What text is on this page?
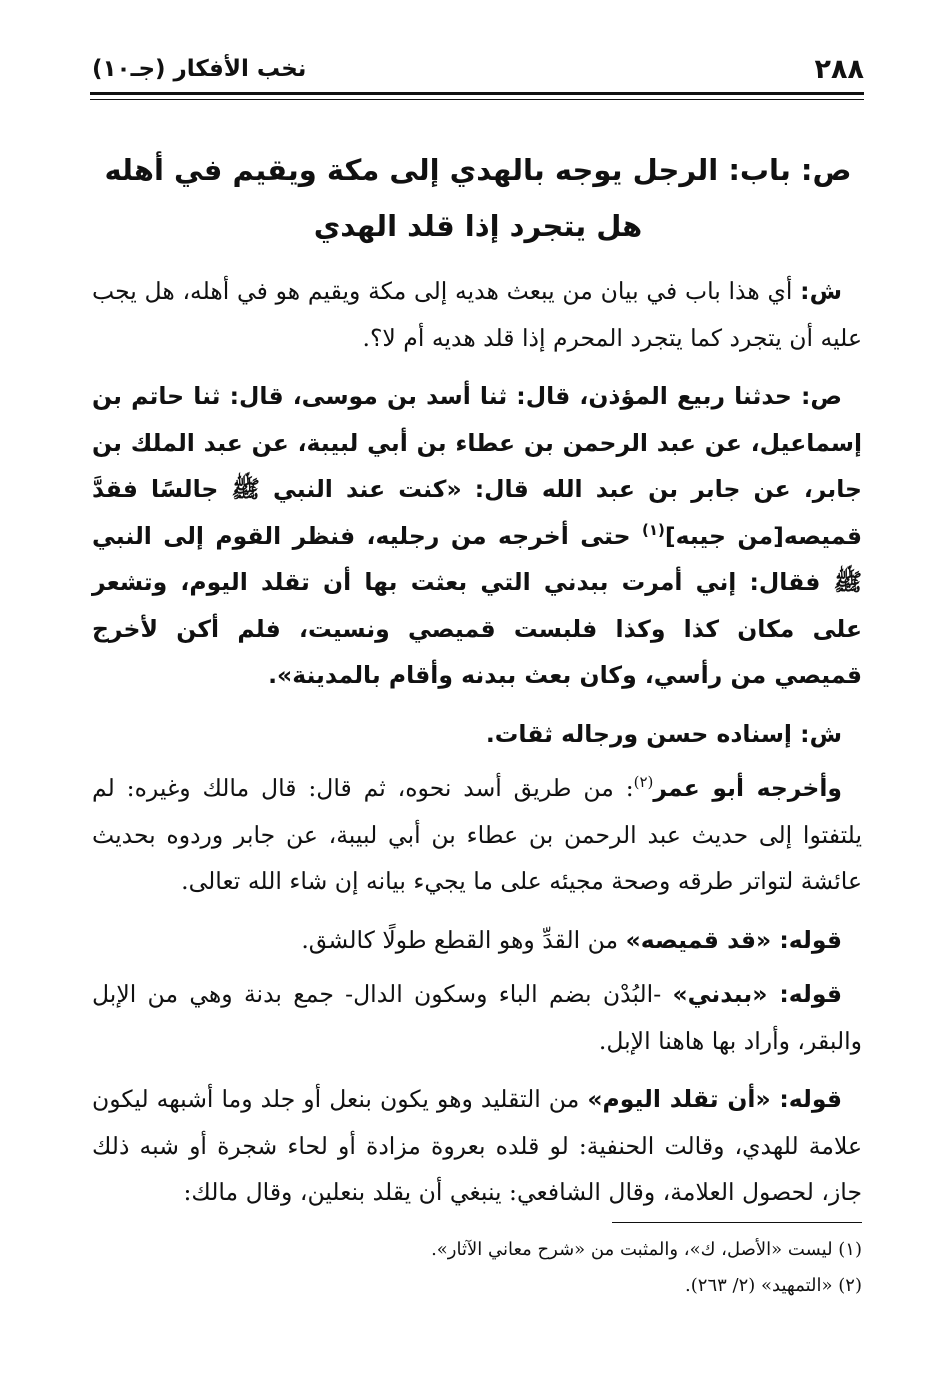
٢٨٨
نخب الأفكار (جـ١٠)
ص: باب: الرجل يوجه بالهدي إلى مكة ويقيم في أهله
هل يتجرد إذا قلد الهدي

ش: أي هذا باب في بيان من يبعث هديه إلى مكة ويقيم هو في أهله، هل يجب عليه أن يتجرد كما يتجرد المحرم إذا قلد هديه أم لا؟.

ص: حدثنا ربيع المؤذن، قال: ثنا أسد بن موسى، قال: ثنا حاتم بن إسماعيل، عن عبد الرحمن بن عطاء بن أبي لبيبة، عن عبد الملك بن جابر، عن جابر بن عبد الله قال: «كنت عند النبي ﷺ جالسًا فقدَّ قميصه[من جيبه]$^{(١)}$ حتى أخرجه من رجليه، فنظر القوم إلى النبي ﷺ فقال: إني أمرت ببدني التي بعثت بها أن تقلد اليوم، وتشعر على مكان كذا وكذا فلبست قميصي ونسيت، فلم أكن لأخرج قميصي من رأسي، وكان بعث ببدنه وأقام بالمدينة».

ش: إسناده حسن ورجاله ثقات.

وأخرجه أبو عمر$^{(٢)}$: من طريق أسد نحوه، ثم قال: قال مالك وغيره: لم يلتفتوا إلى حديث عبد الرحمن بن عطاء بن أبي لبيبة، عن جابر وردوه بحديث عائشة لتواتر طرقه وصحة مجيئه على ما يجيء بيانه إن شاء الله تعالى.

قوله: «قد قميصه» من القدِّ وهو القطع طولًا كالشق.

قوله: «ببدني» -البُدْن بضم الباء وسكون الدال- جمع بدنة وهي من الإبل والبقر، وأراد بها هاهنا الإبل.

قوله: «أن تقلد اليوم» من التقليد وهو يكون بنعل أو جلد وما أشبهه ليكون علامة للهدي، وقالت الحنفية: لو قلده بعروة مزادة أو لحاء شجرة أو شبه ذلك جاز، لحصول العلامة، وقال الشافعي: ينبغي أن يقلد بنعلين، وقال مالك:

(١) ليست «الأصل، ك»، والمثبت من «شرح معاني الآثار».
(٢) «التمهيد» (٢/ ٢٦٣).
